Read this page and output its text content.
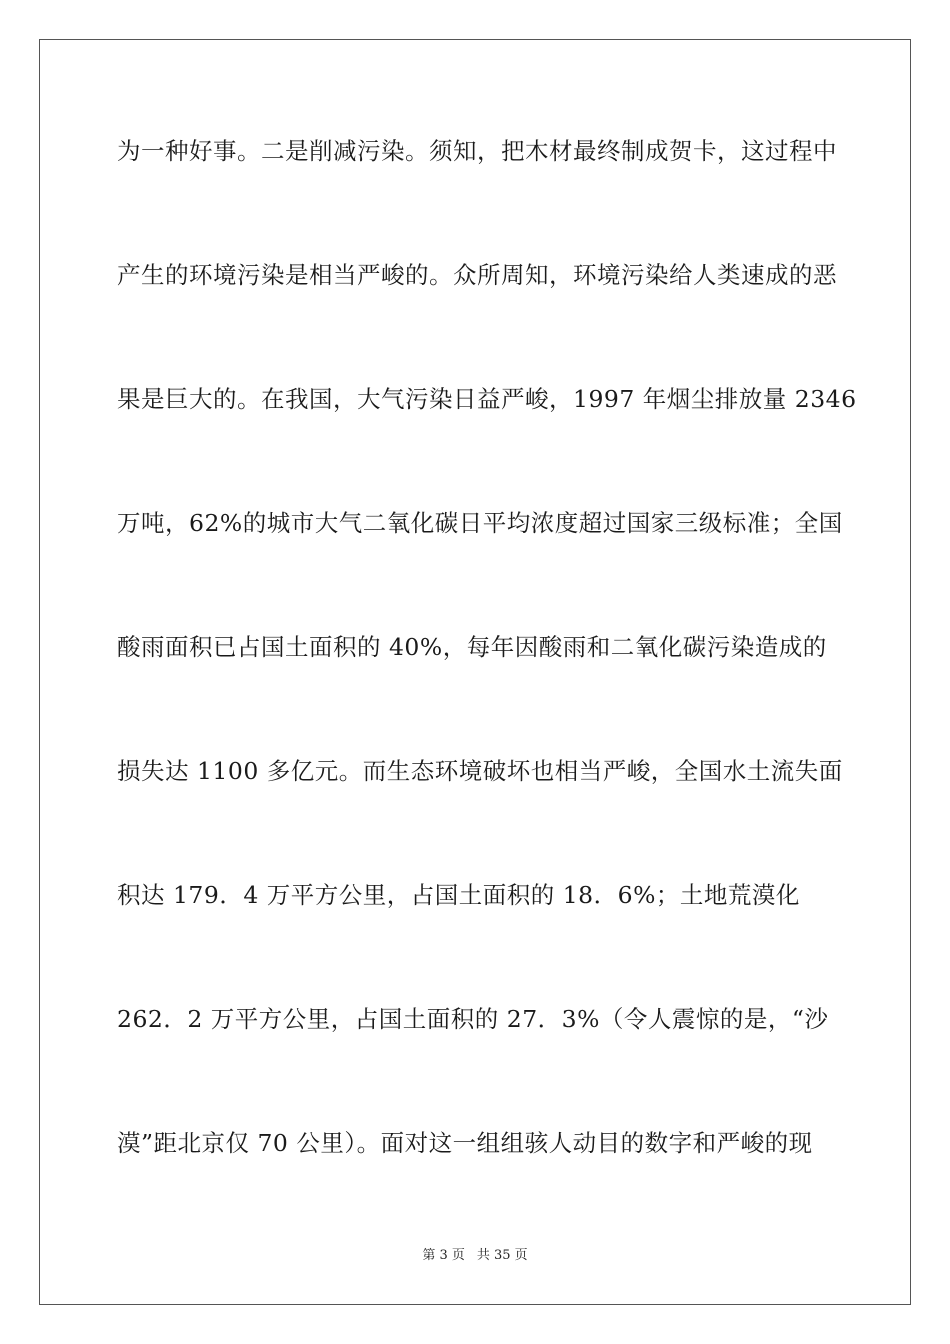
为一种好事。二是削减污染。须知，把木材最终制成贺卡，这过程中
产生的环境污染是相当严峻的。众所周知，环境污染给人类速成的恶
果是巨大的。在我国，大气污染日益严峻，1997 年烟尘排放量 2346
万吨，62%的城市大气二氧化碳日平均浓度超过国家三级标准；全国
酸雨面积已占国土面积的 40%，每年因酸雨和二氧化碳污染造成的
损失达 1100 多亿元。而生态环境破坏也相当严峻，全国水土流失面
积达 179．4 万平方公里，占国土面积的 18．6%；土地荒漠化
262．2 万平方公里，占国土面积的 27．3%（令人震惊的是，“沙
漠”距北京仅 70 公里）。面对这一组组骇人动目的数字和严峻的现
第 3 页 共 35 页
